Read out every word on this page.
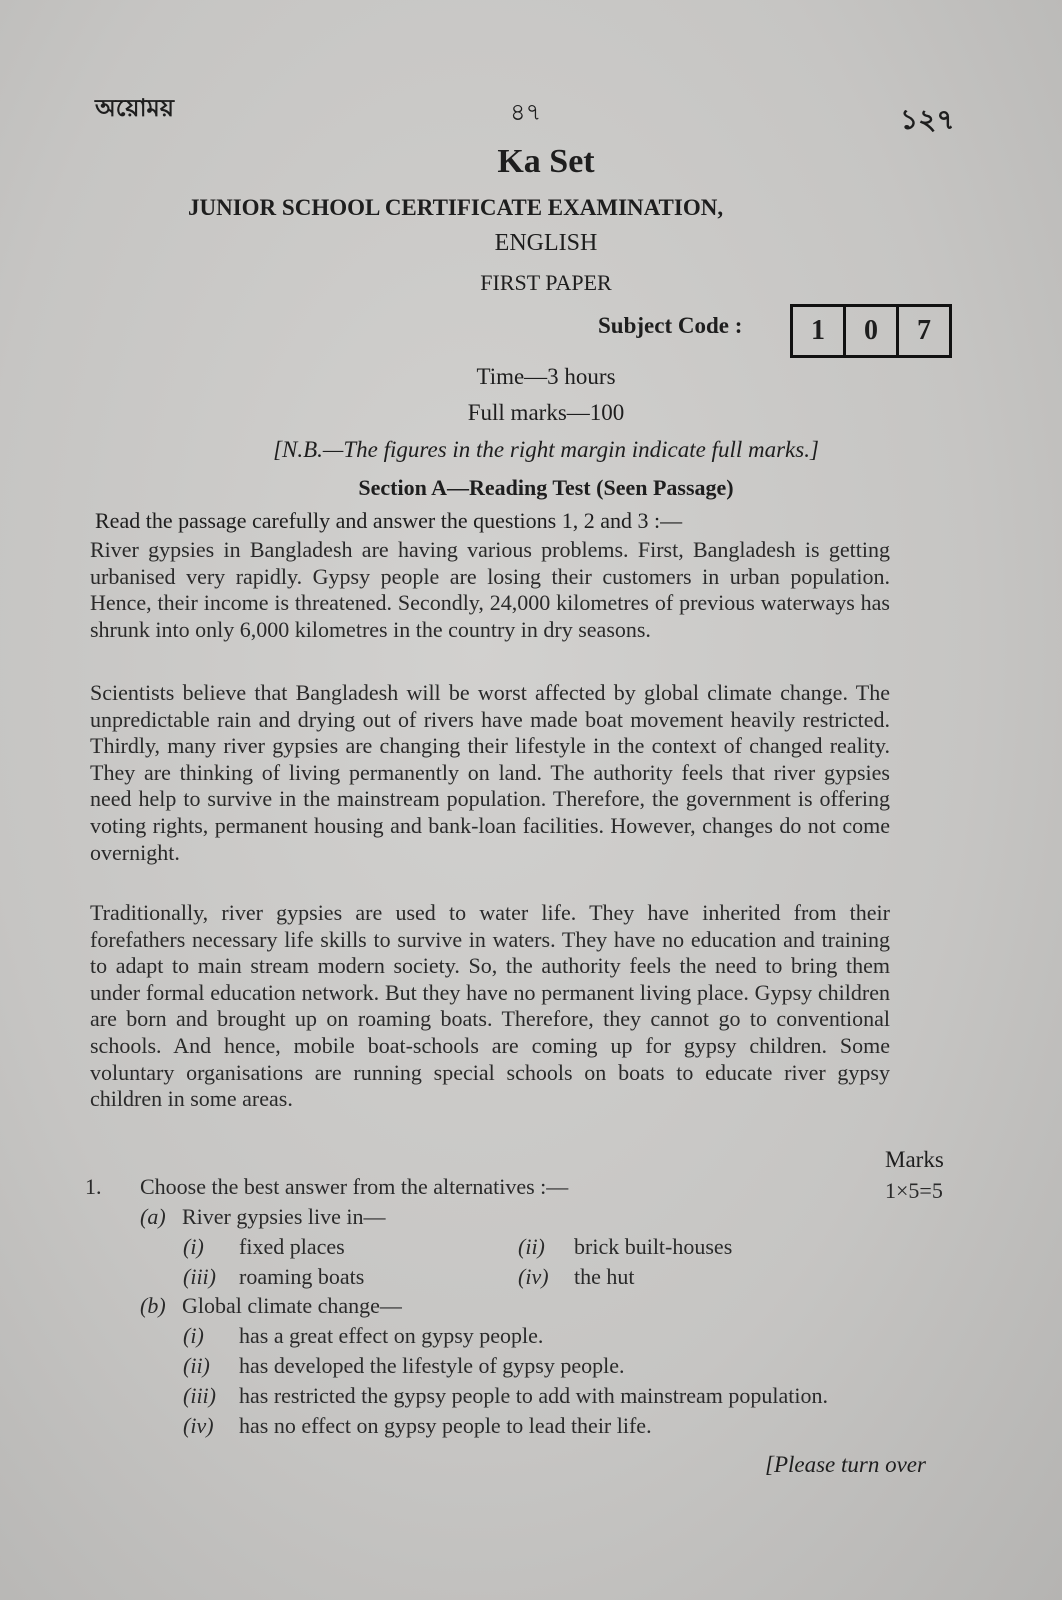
অয়োময়	৪৭	১২৭
Ka Set
JUNIOR SCHOOL CERTIFICATE EXAMINATION,
ENGLISH
FIRST PAPER
Subject Code :	1	0	7
Time—3 hours
Full marks—100
[N.B.—The figures in the right margin indicate full marks.]
Section A—Reading Test (Seen Passage)
Read the passage carefully and answer the questions 1, 2 and 3 :—
River gypsies in Bangladesh are having various problems. First, Bangladesh is getting urbanised very rapidly. Gypsy people are losing their customers in urban population. Hence, their income is threatened. Secondly, 24,000 kilometres of previous waterways has shrunk into only 6,000 kilometres in the country in dry seasons.
Scientists believe that Bangladesh will be worst affected by global climate change. The unpredictable rain and drying out of rivers have made boat movement heavily restricted. Thirdly, many river gypsies are changing their lifestyle in the context of changed reality. They are thinking of living permanently on land. The authority feels that river gypsies need help to survive in the mainstream population. Therefore, the government is offering voting rights, permanent housing and bank-loan facilities. However, changes do not come overnight.
Traditionally, river gypsies are used to water life. They have inherited from their forefathers necessary life skills to survive in waters. They have no education and training to adapt to main stream modern society. So, the authority feels the need to bring them under formal education network. But they have no permanent living place. Gypsy children are born and brought up on roaming boats. Therefore, they cannot go to conventional schools. And hence, mobile boat-schools are coming up for gypsy children. Some voluntary organisations are running special schools on boats to educate river gypsy children in some areas.
Marks
1. Choose the best answer from the alternatives :—	1×5=5
(a) River gypsies live in—
(i) fixed places	(ii) brick built-houses
(iii) roaming boats	(iv) the hut
(b) Global climate change—
(i) has a great effect on gypsy people.
(ii) has developed the lifestyle of gypsy people.
(iii) has restricted the gypsy people to add with mainstream population.
(iv) has no effect on gypsy people to lead their life.
[Please turn over
